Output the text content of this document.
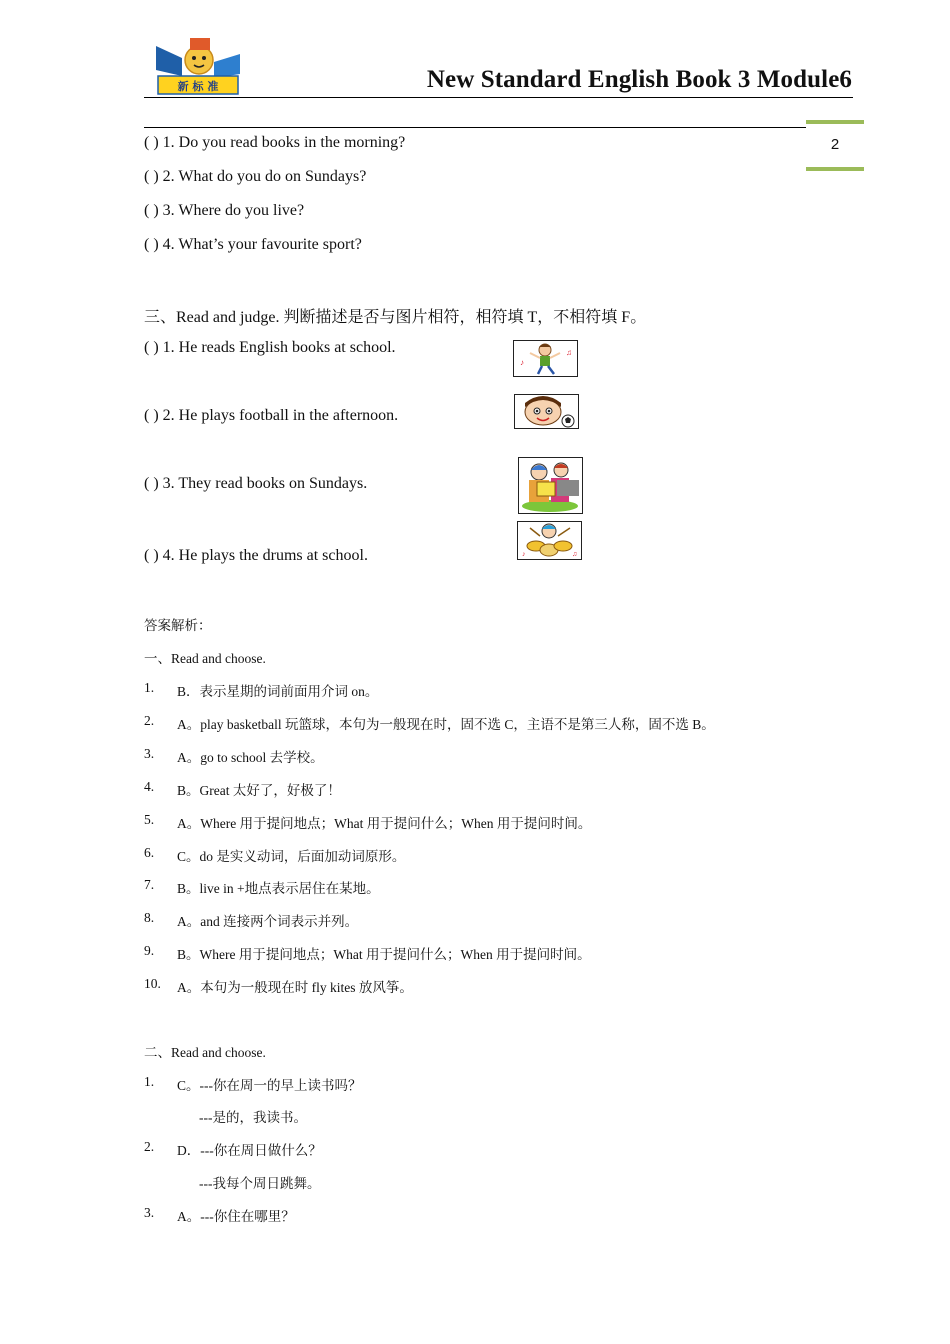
新 标 准	New Standard English Book 3 Module6
2
( ) 1. Do you read books in the morning?
( ) 2. What do you do on Sundays?
( ) 3. Where do you live?
( ) 4. What’s your favourite sport?
三、Read and judge. 判断描述是否与图片相符，相符填 T，不相符填 F。
( ) 1. He reads English books at school.
♪
♫
( ) 2. He plays football in the afternoon.
( ) 3. They read books on Sundays.
( ) 4. He plays the drums at school.	♪	♫
答案解析：
一、Read and choose.
1. B．表示星期的词前面用介词 on。
2. A。play basketball 玩篮球，本句为一般现在时，固不选 C，主语不是第三人称，固不选 B。
3. A。go to school 去学校。
4. B。Great 太好了，好极了！
5. A。Where 用于提问地点；What 用于提问什么；When 用于提问时间。
6. C。do 是实义动词，后面加动词原形。
7. B。live in +地点表示居住在某地。
8. A。and 连接两个词表示并列。
9. B。Where 用于提问地点；What 用于提问什么；When 用于提问时间。
10. A。本句为一般现在时 fly kites 放风筝。
二、Read and choose.
1. C。---你在周一的早上读书吗？
---是的，我读书。
2. D．---你在周日做什么？
---我每个周日跳舞。
3. A。---你住在哪里？
